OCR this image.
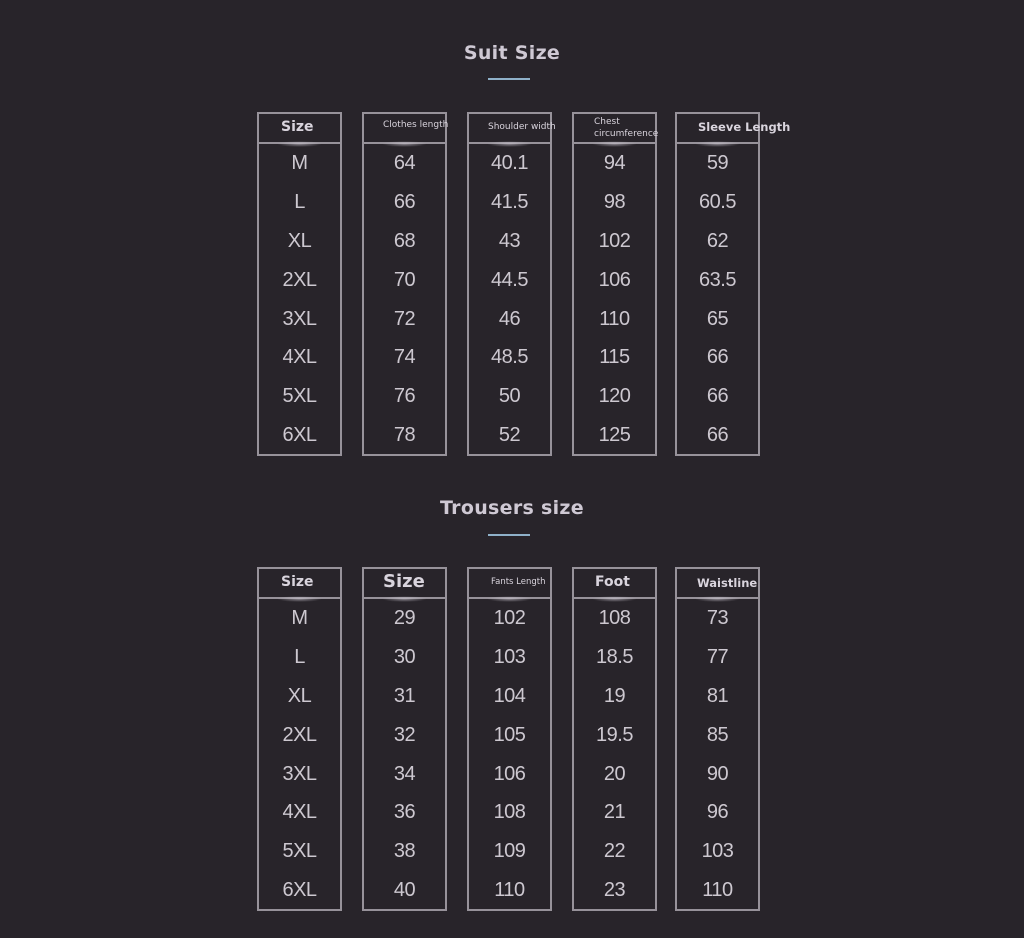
Suit Size
Size
M
L
XL
2XL
3XL
4XL
5XL
6XL
Clothes length
64
66
68
70
72
74
76
78
Shoulder width
40.1
41.5
43
44.5
46
48.5
50
52
Chest circumference
94
98
102
106
110
115
120
125
Sleeve Length
59
60.5
62
63.5
65
66
66
66
Trousers size
Size
M
L
XL
2XL
3XL
4XL
5XL
6XL
Size
29
30
31
32
34
36
38
40
Fants Length
102
103
104
105
106
108
109
110
Foot
108
18.5
19
19.5
20
21
22
23
Waistline
73
77
81
85
90
96
103
110
